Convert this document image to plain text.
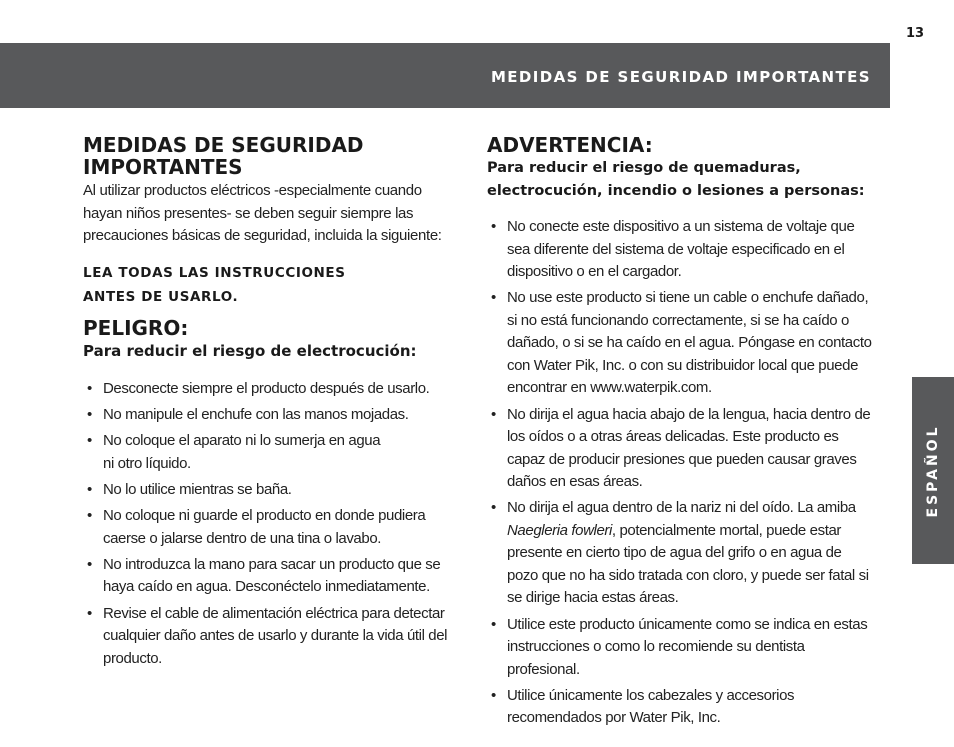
13
MEDIDAS DE SEGURIDAD IMPORTANTES
ESPAÑOL
MEDIDAS DE SEGURIDAD IMPORTANTES

Al utilizar productos eléctricos -especialmente cuando hayan niños presentes- se deben seguir siempre las precauciones básicas de seguridad, incluida la siguiente:

LEA TODAS LAS INSTRUCCIONES
ANTES DE USARLO.

PELIGRO:

Para reducir el riesgo de electrocución:

• Desconecte siempre el producto después de usarlo.
• No manipule el enchufe con las manos mojadas.
• No coloque el aparato ni lo sumerja en agua ni otro líquido.
• No lo utilice mientras se baña.
• No coloque ni guarde el producto en donde pudiera caerse o jalarse dentro de una tina o lavabo.
• No introduzca la mano para sacar un producto que se haya caído en agua. Desconéctelo inmediatamente.
• Revise el cable de alimentación eléctrica para detectar cualquier daño antes de usarlo y durante la vida útil del producto.
ADVERTENCIA:

Para reducir el riesgo de quemaduras, electrocución, incendio o lesiones a personas:

• No conecte este dispositivo a un sistema de voltaje que sea diferente del sistema de voltaje especificado en el dispositivo o en el cargador.
• No use este producto si tiene un cable o enchufe dañado, si no está funcionando correctamente, si se ha caído o dañado, o si se ha caído en el agua. Póngase en contacto con Water Pik, Inc. o con su distribuidor local que puede encontrar en www.waterpik.com.
• No dirija el agua hacia abajo de la lengua, hacia dentro de los oídos o a otras áreas delicadas. Este producto es capaz de producir presiones que pueden causar graves daños en esas áreas.
• No dirija el agua dentro de la nariz ni del oído. La amiba Naegleria fowleri, potencialmente mortal, puede estar presente en cierto tipo de agua del grifo o en agua de pozo que no ha sido tratada con cloro, y puede ser fatal si se dirige hacia estas áreas.
• Utilice este producto únicamente como se indica en estas instrucciones o como lo recomiende su dentista profesional.
• Utilice únicamente los cabezales y accesorios recomendados por Water Pik, Inc.
